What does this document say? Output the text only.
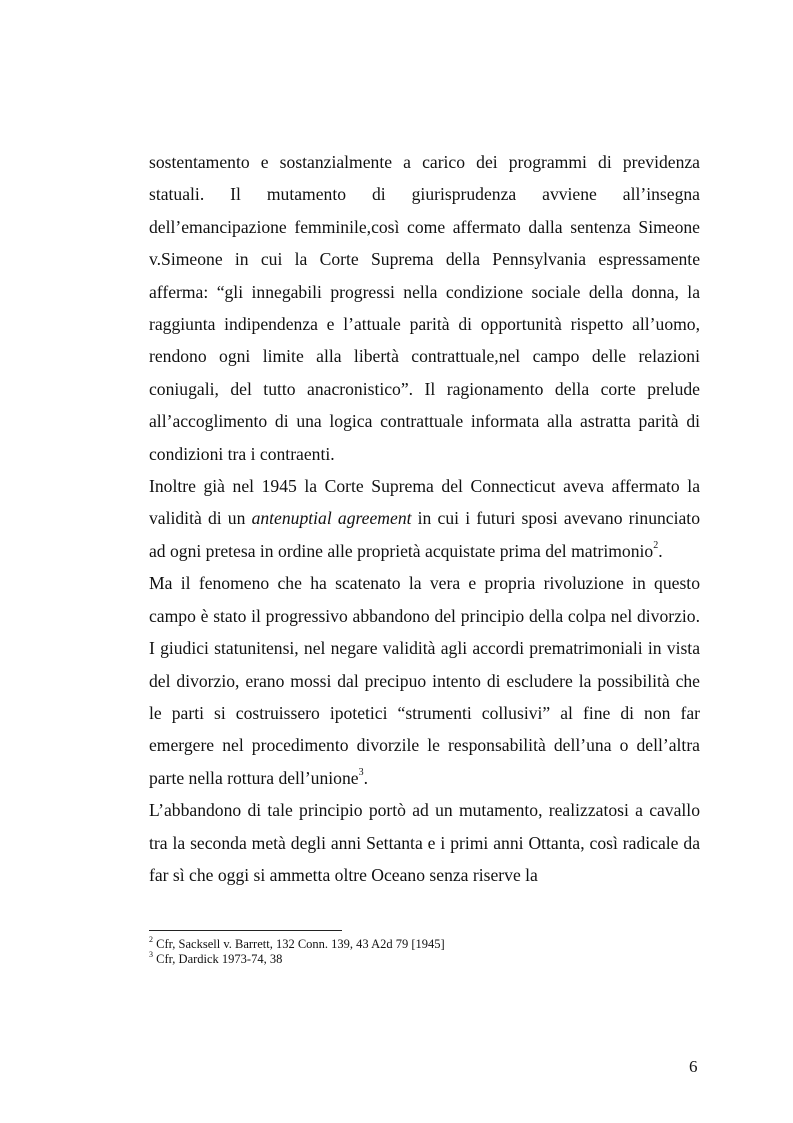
sostentamento e sostanzialmente a carico dei programmi di previdenza statuali. Il mutamento di giurisprudenza avviene all’insegna dell’emancipazione femminile,così come affermato dalla sentenza Simeone v.Simeone in cui la Corte Suprema della Pennsylvania espressamente afferma: “gli innegabili progressi nella condizione sociale della donna, la raggiunta indipendenza e l’attuale parità di opportunità rispetto all’uomo, rendono ogni limite alla libertà contrattuale,nel campo delle relazioni coniugali, del tutto anacronistico”. Il ragionamento della corte prelude all’accoglimento di una logica contrattuale informata alla astratta parità di condizioni tra i contraenti.

Inoltre già nel 1945 la Corte Suprema del Connecticut aveva affermato la validità di un antenuptial agreement in cui i futuri sposi avevano rinunciato ad ogni pretesa in ordine alle proprietà acquistate prima del matrimonio$^2$.

Ma il fenomeno che ha scatenato la vera e propria rivoluzione in questo campo è stato il progressivo abbandono del principio della colpa nel divorzio. I giudici statunitensi, nel negare validità agli accordi prematrimoniali in vista del divorzio, erano mossi dal precipuo intento di escludere la possibilità che le parti si costruissero ipotetici “strumenti collusivi” al fine di non far emergere nel procedimento divorzile le responsabilità dell’una o dell’altra parte nella rottura dell’unione$^3$.

L’abbandono di tale principio portò ad un mutamento, realizzatosi a cavallo tra la seconda metà degli anni Settanta e i primi anni Ottanta, così radicale da far sì che oggi si ammetta oltre Oceano senza riserve la

$^2$ Cfr, Sacksell v. Barrett, 132 Conn. 139, 43 A2d 79 [1945]

$^3$ Cfr, Dardick 1973-74, 38

6
